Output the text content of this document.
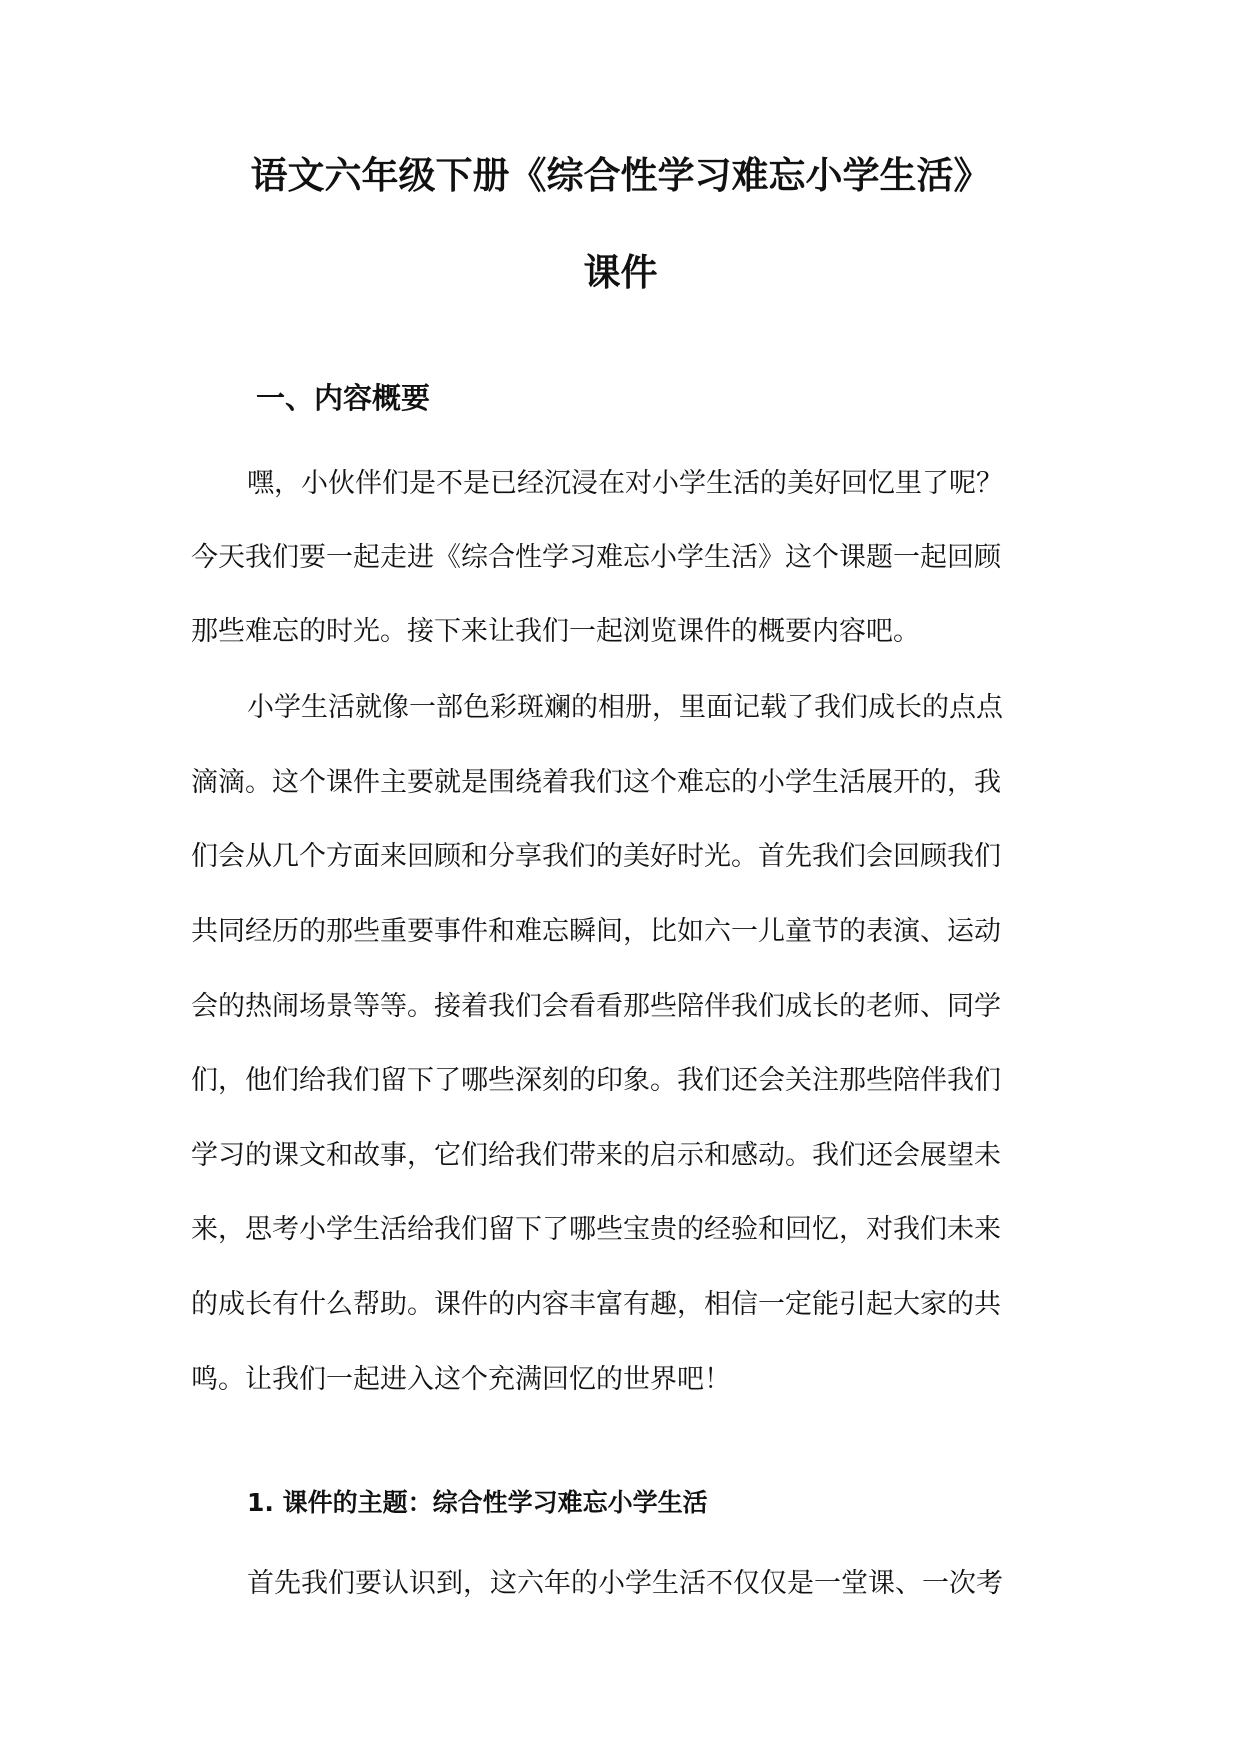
语文六年级下册《综合性学习难忘小学生活》
课件
一、内容概要
嘿，小伙伴们是不是已经沉浸在对小学生活的美好回忆里了呢？
今天我们要一起走进《综合性学习难忘小学生活》这个课题一起回顾
那些难忘的时光。接下来让我们一起浏览课件的概要内容吧。
小学生活就像一部色彩斑斓的相册，里面记载了我们成长的点点
滴滴。这个课件主要就是围绕着我们这个难忘的小学生活展开的，我
们会从几个方面来回顾和分享我们的美好时光。首先我们会回顾我们
共同经历的那些重要事件和难忘瞬间，比如六一儿童节的表演、运动
会的热闹场景等等。接着我们会看看那些陪伴我们成长的老师、同学
们，他们给我们留下了哪些深刻的印象。我们还会关注那些陪伴我们
学习的课文和故事，它们给我们带来的启示和感动。我们还会展望未
来，思考小学生活给我们留下了哪些宝贵的经验和回忆，对我们未来
的成长有什么帮助。课件的内容丰富有趣，相信一定能引起大家的共
鸣。让我们一起进入这个充满回忆的世界吧！
1. 课件的主题：综合性学习难忘小学生活
首先我们要认识到，这六年的小学生活不仅仅是一堂课、一次考
